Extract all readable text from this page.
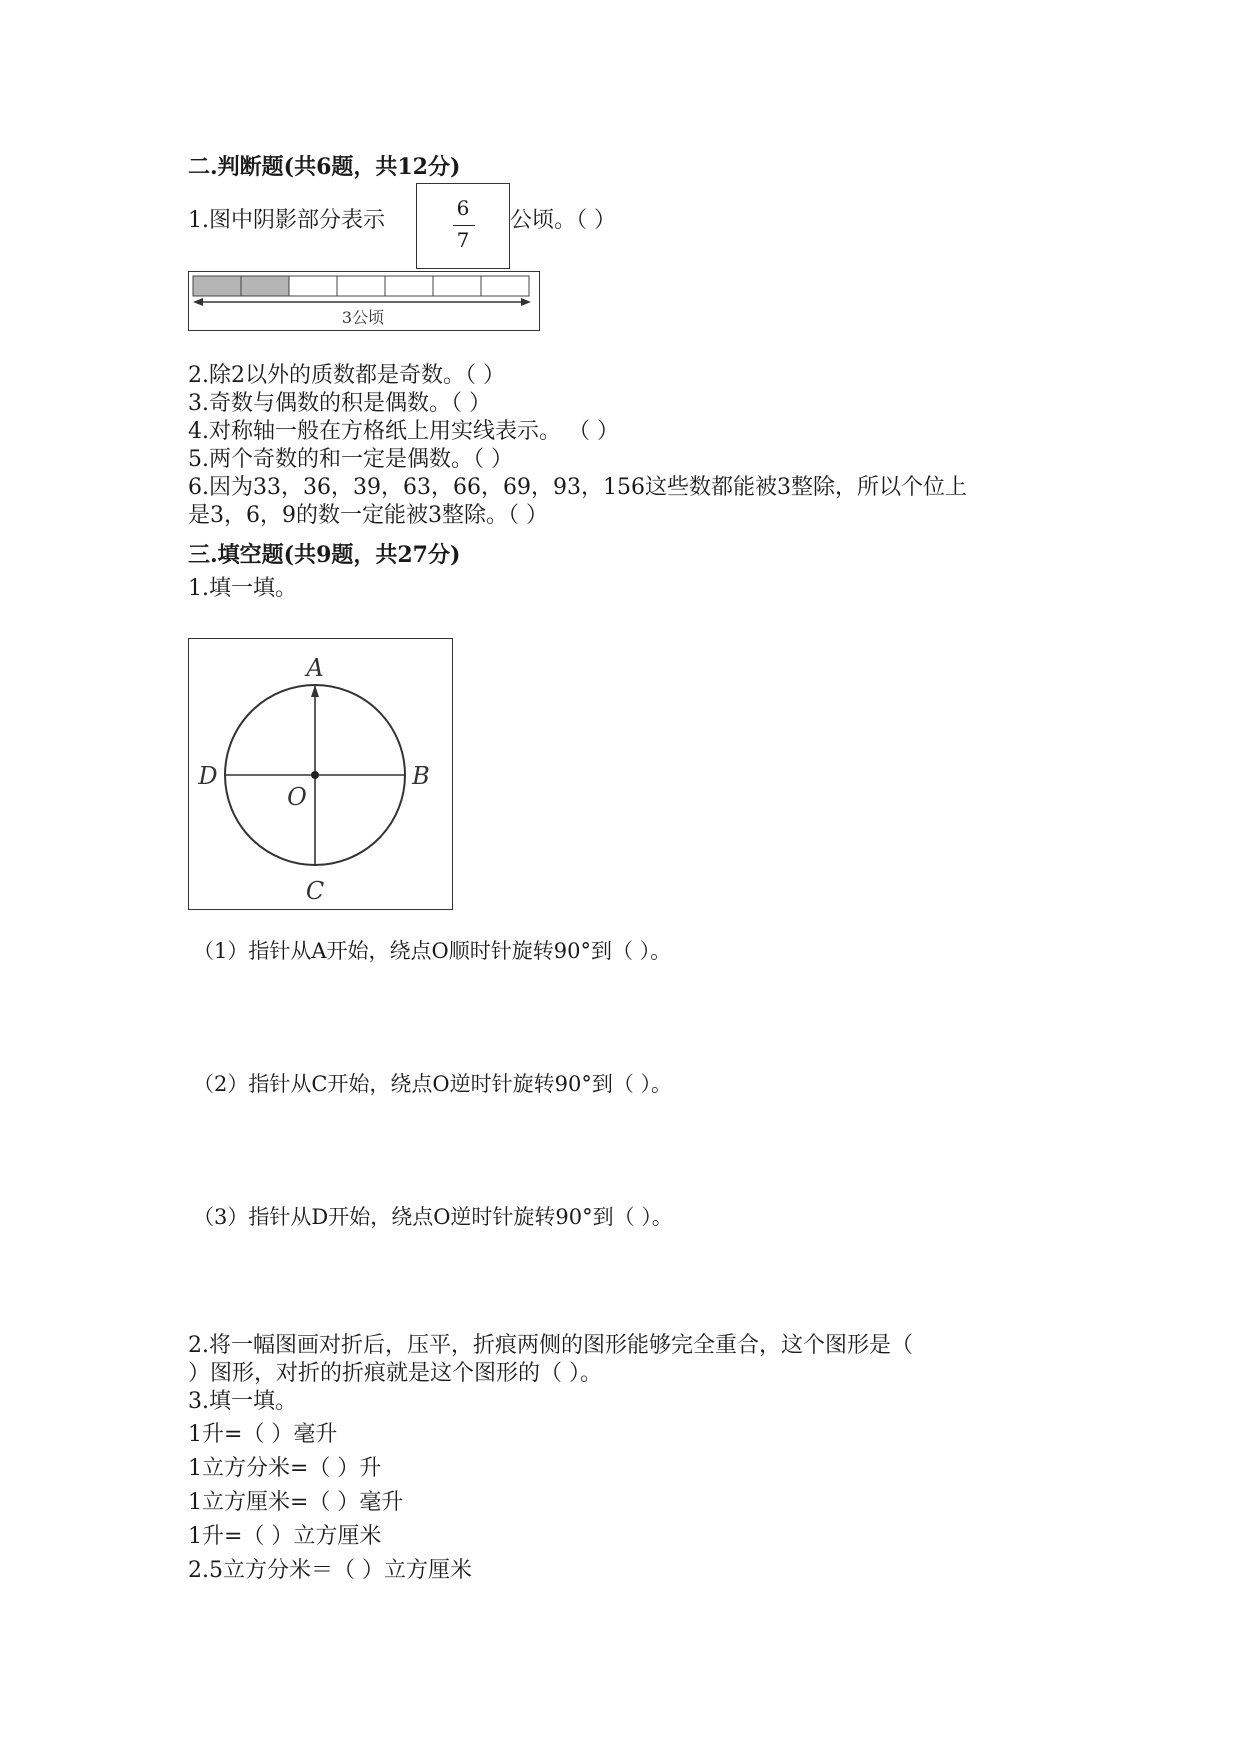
二.判断题(共6题，共12分)
1.图中阴影部分表示	6
7
公顷。（ ）
3公顷
2.除2以外的质数都是奇数。（ ）
3.奇数与偶数的积是偶数。（ ）
4.对称轴一般在方格纸上用实线表示。 （ ）
5.两个奇数的和一定是偶数。（ ）
6.因为33，36，39，63，66，69，93，156这些数都能被3整除，所以个位上
是3，6，9的数一定能被3整除。（ ）
三.填空题(共9题，共27分)
1.填一填。
A
B
C
D
O
（1）指针从A开始，绕点O顺时针旋转90°到（ ）。
（2）指针从C开始，绕点O逆时针旋转90°到（ ）。
（3）指针从D开始，绕点O逆时针旋转90°到（ ）。
2.将一幅图画对折后，压平，折痕两侧的图形能够完全重合，这个图形是（
）图形，对折的折痕就是这个图形的（ ）。
3.填一填。
1升=（ ）毫升
1立方分米=（ ）升
1立方厘米=（ ）毫升
1升=（ ）立方厘米
2.5立方分米＝（ ）立方厘米
